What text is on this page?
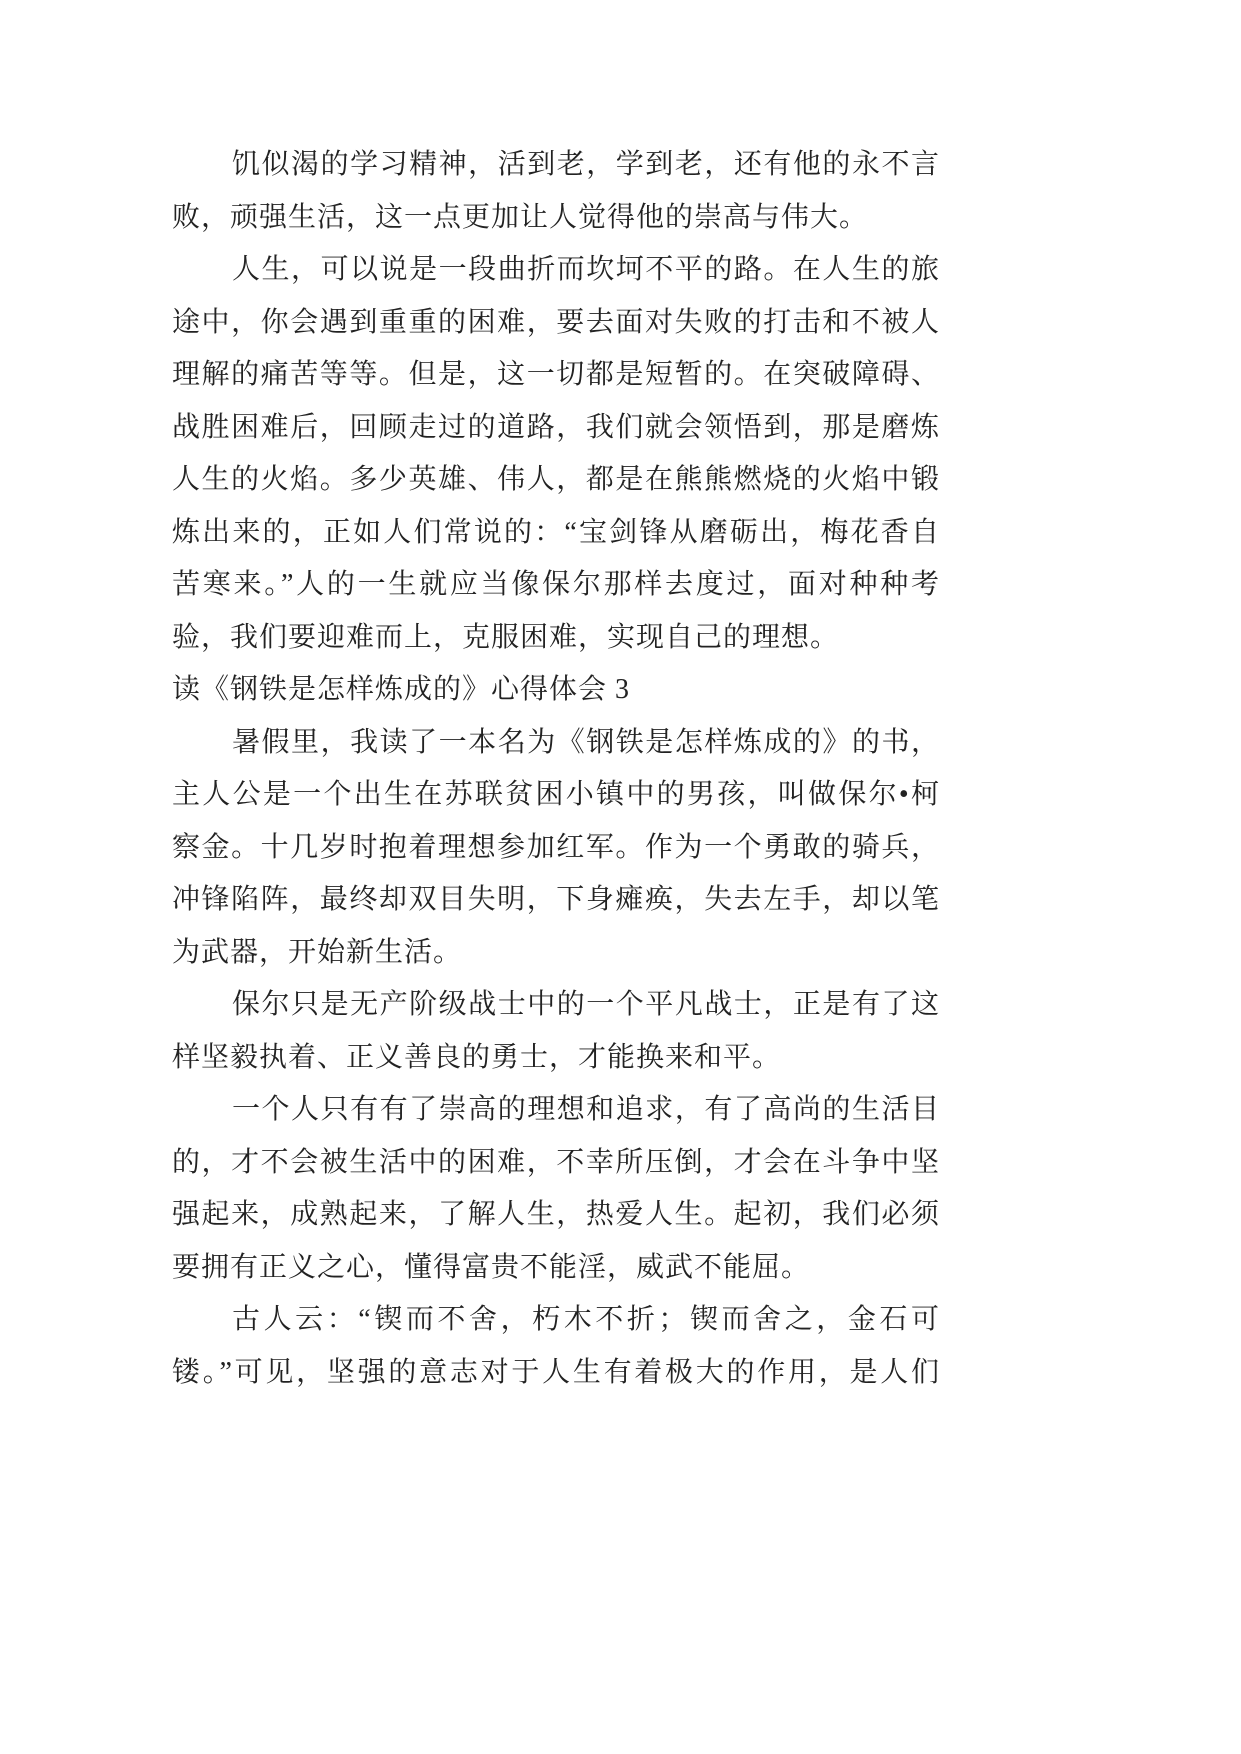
饥似渴的学习精神，活到老，学到老，还有他的永不言
败，顽强生活，这一点更加让人觉得他的崇高与伟大。
人生，可以说是一段曲折而坎坷不平的路。在人生的旅
途中，你会遇到重重的困难，要去面对失败的打击和不被人
理解的痛苦等等。但是，这一切都是短暂的。在突破障碍、
战胜困难后，回顾走过的道路，我们就会领悟到，那是磨炼
人生的火焰。多少英雄、伟人，都是在熊熊燃烧的火焰中锻
炼出来的，正如人们常说的：“宝剑锋从磨砺出，梅花香自
苦寒来。”人的一生就应当像保尔那样去度过，面对种种考
验，我们要迎难而上，克服困难，实现自己的理想。
读《钢铁是怎样炼成的》心得体会 3
暑假里，我读了一本名为《钢铁是怎样炼成的》的书，
主人公是一个出生在苏联贫困小镇中的男孩，叫做保尔•柯
察金。十几岁时抱着理想参加红军。作为一个勇敢的骑兵，
冲锋陷阵，最终却双目失明，下身瘫痪，失去左手，却以笔
为武器，开始新生活。
保尔只是无产阶级战士中的一个平凡战士，正是有了这
样坚毅执着、正义善良的勇士，才能换来和平。
一个人只有有了崇高的理想和追求，有了高尚的生活目
的，才不会被生活中的困难，不幸所压倒，才会在斗争中坚
强起来，成熟起来，了解人生，热爱人生。起初，我们必须
要拥有正义之心，懂得富贵不能淫，威武不能屈。
古人云：“锲而不舍，朽木不折；锲而舍之，金石可
镂。”可见，坚强的意志对于人生有着极大的作用，是人们
